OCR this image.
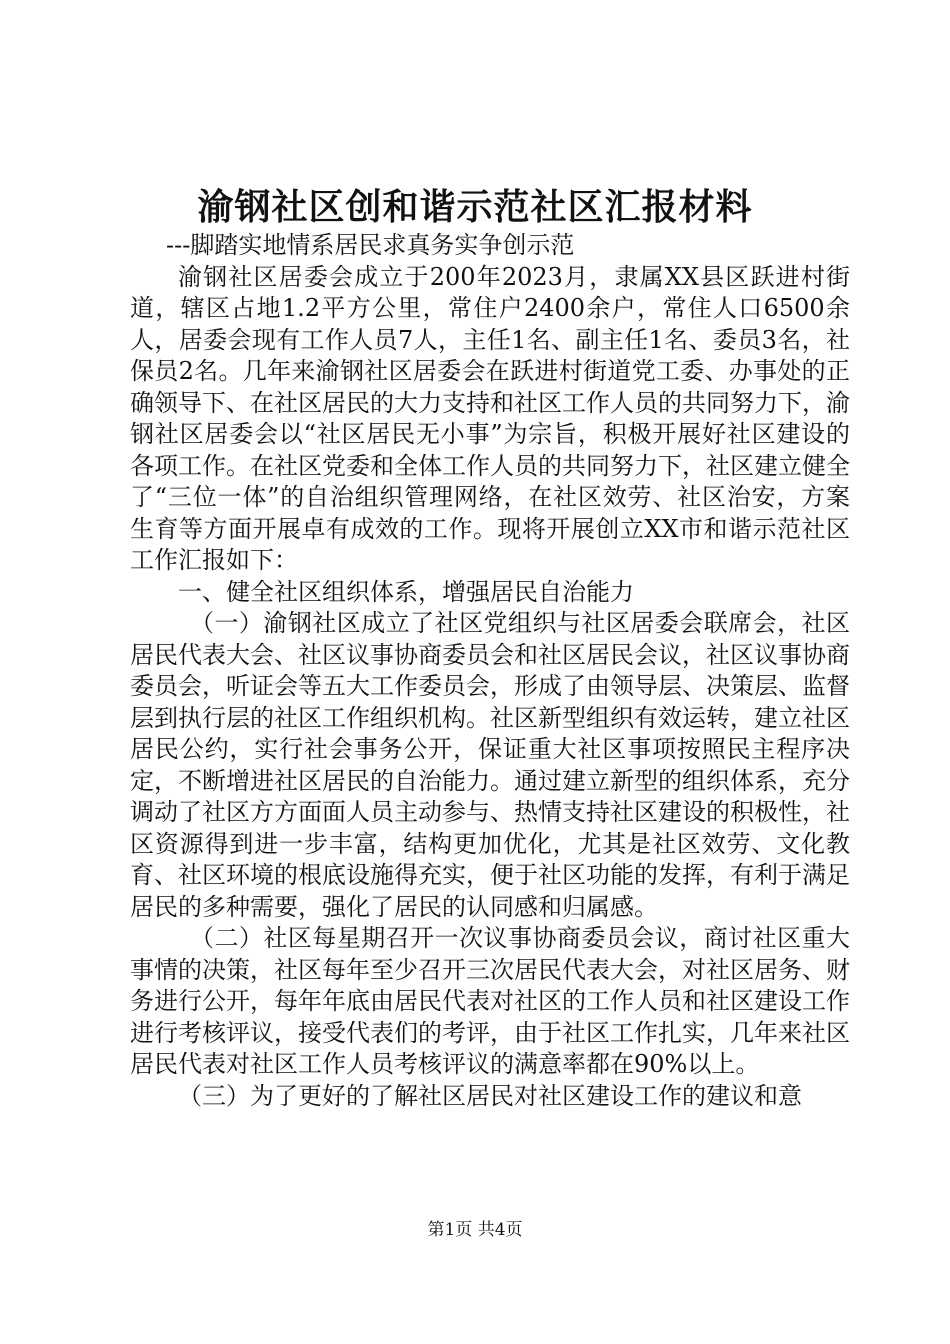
渝钢社区创和谐示范社区汇报材料

---脚踏实地情系居民求真务实争创示范

渝钢社区居委会成立于200年2023月，隶属XX县区跃进村街道，辖区占地1.2平方公里，常住户2400余户，常住人口6500余人，居委会现有工作人员7人，主任1名、副主任1名、委员3名，社保员2名。几年来渝钢社区居委会在跃进村街道党工委、办事处的正确领导下、在社区居民的大力支持和社区工作人员的共同努力下，渝钢社区居委会以“社区居民无小事”为宗旨，积极开展好社区建设的各项工作。在社区党委和全体工作人员的共同努力下，社区建立健全了“三位一体”的自治组织管理网络，在社区效劳、社区治安，方案生育等方面开展卓有成效的工作。现将开展创立XX市和谐示范社区工作汇报如下：

一、健全社区组织体系，增强居民自治能力

（一）渝钢社区成立了社区党组织与社区居委会联席会，社区居民代表大会、社区议事协商委员会和社区居民会议，社区议事协商委员会，听证会等五大工作委员会，形成了由领导层、决策层、监督层到执行层的社区工作组织机构。社区新型组织有效运转，建立社区居民公约，实行社会事务公开，保证重大社区事项按照民主程序决定，不断增进社区居民的自治能力。通过建立新型的组织体系，充分调动了社区方方面面人员主动参与、热情支持社区建设的积极性，社区资源得到进一步丰富，结构更加优化，尤其是社区效劳、文化教育、社区环境的根底设施得充实，便于社区功能的发挥，有利于满足居民的多种需要，强化了居民的认同感和归属感。

（二）社区每星期召开一次议事协商委员会议，商讨社区重大事情的决策，社区每年至少召开三次居民代表大会，对社区居务、财务进行公开，每年年底由居民代表对社区的工作人员和社区建设工作进行考核评议，接受代表们的考评，由于社区工作扎实，几年来社区居民代表对社区工作人员考核评议的满意率都在90%以上。

（三）为了更好的了解社区居民对社区建设工作的建议和意

第1页 共4页
